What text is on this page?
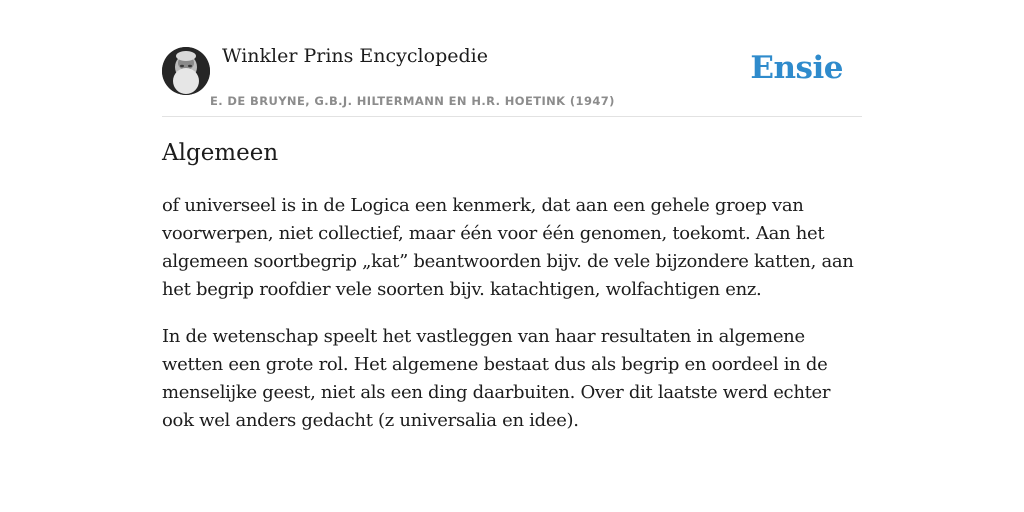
Winkler Prins Encyclopedie
E. DE BRUYNE, G.B.J. HILTERMANN EN H.R. HOETINK (1947)
Ensie
Algemeen

of universeel is in de Logica een kenmerk, dat aan een gehele groep van voorwerpen, niet collectief, maar één voor één genomen, toekomt. Aan het algemeen soortbegrip „kat” beantwoorden bijv. de vele bijzondere katten, aan het begrip roofdier vele soorten bijv. katachtigen, wolfachtigen enz.

In de wetenschap speelt het vastleggen van haar resultaten in algemene wetten een grote rol. Het algemene bestaat dus als begrip en oordeel in de menselijke geest, niet als een ding daarbuiten. Over dit laatste werd echter ook wel anders gedacht (z universalia en idee).
